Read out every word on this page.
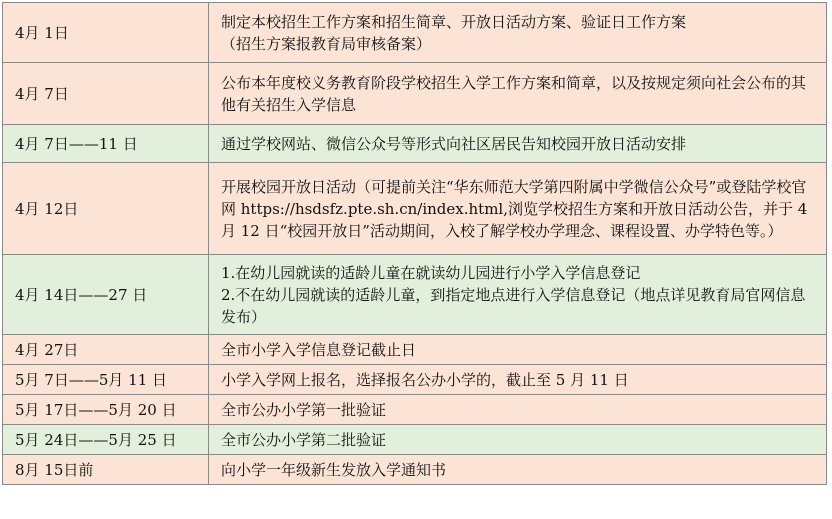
4月 1日	制定本校招生工作方案和招生简章、开放日活动方案、验证日工作方案
（招生方案报教育局审核备案）

4月 7日	公布本年度校义务教育阶段学校招生入学工作方案和简章，以及按规定须向社会公布的其他有关招生入学信息

4月 7日——11 日	通过学校网站、微信公众号等形式向社区居民告知校园开放日活动安排

4月 12日	开展校园开放日活动（可提前关注“华东师范大学第四附属中学微信公众号”或登陆学校官网 https://hsdsfz.pte.sh.cn/index.html,浏览学校招生方案和开放日活动公告，并于 4 月 12 日“校园开放日”活动期间，入校了解学校办学理念、课程设置、办学特色等。）

4月 14日——27 日	1.在幼儿园就读的适龄儿童在就读幼儿园进行小学入学信息登记
2.不在幼儿园就读的适龄儿童，到指定地点进行入学信息登记（地点详见教育局官网信息发布）

4月 27日	全市小学入学信息登记截止日

5月 7日——5月 11 日	小学入学网上报名，选择报名公办小学的，截止至 5 月 11 日

5月 17日——5月 20 日	全市公办小学第一批验证

5月 24日——5月 25 日	全市公办小学第二批验证

8月 15日前	向小学一年级新生发放入学通知书
